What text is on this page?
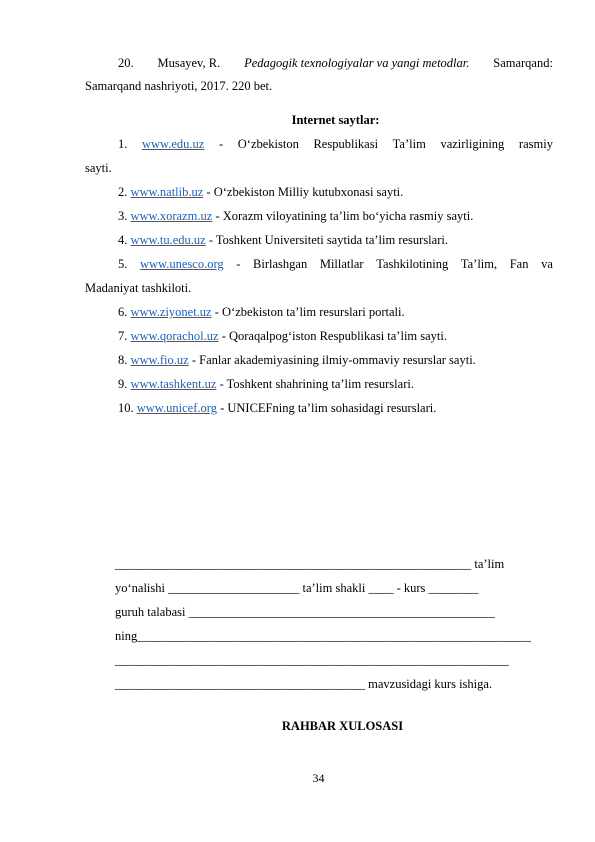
20. Musayev, R. Pedagogik texnologiyalar va yangi metodlar. Samarqand:
Samarqand nashriyoti, 2017. 220 bet.
Internet saytlar:
1. www.edu.uz - O‘zbekiston Respublikasi Ta’lim vazirligining rasmiy
sayti.
2. www.natlib.uz - O‘zbekiston Milliy kutubxonasi sayti.
3. www.xorazm.uz - Xorazm viloyatining ta’lim bo‘yicha rasmiy sayti.
4. www.tu.edu.uz - Toshkent Universiteti saytida ta’lim resurslari.
5. www.unesco.org - Birlashgan Millatlar Tashkilotining Ta’lim, Fan va
Madaniyat tashkiloti.
6. www.ziyonet.uz - O‘zbekiston ta’lim resurslari portali.
7. www.qorachol.uz - Qoraqalpog‘iston Respublikasi ta’lim sayti.
8. www.fio.uz - Fanlar akademiyasining ilmiy-ommaviy resurslar sayti.
9. www.tashkent.uz - Toshkent shahrining ta’lim resurslari.
10. www.unicef.org - UNICEFning ta’lim sohasidagi resurslari.
_________________________________________________________ ta’lim
yo‘nalishi _____________________ ta’lim shakli ____ - kurs ________
guruh talabasi _________________________________________________
ning_______________________________________________________________
_______________________________________________________________
________________________________________ mavzusidagi kurs ishiga.
RAHBAR XULOSASI
34
